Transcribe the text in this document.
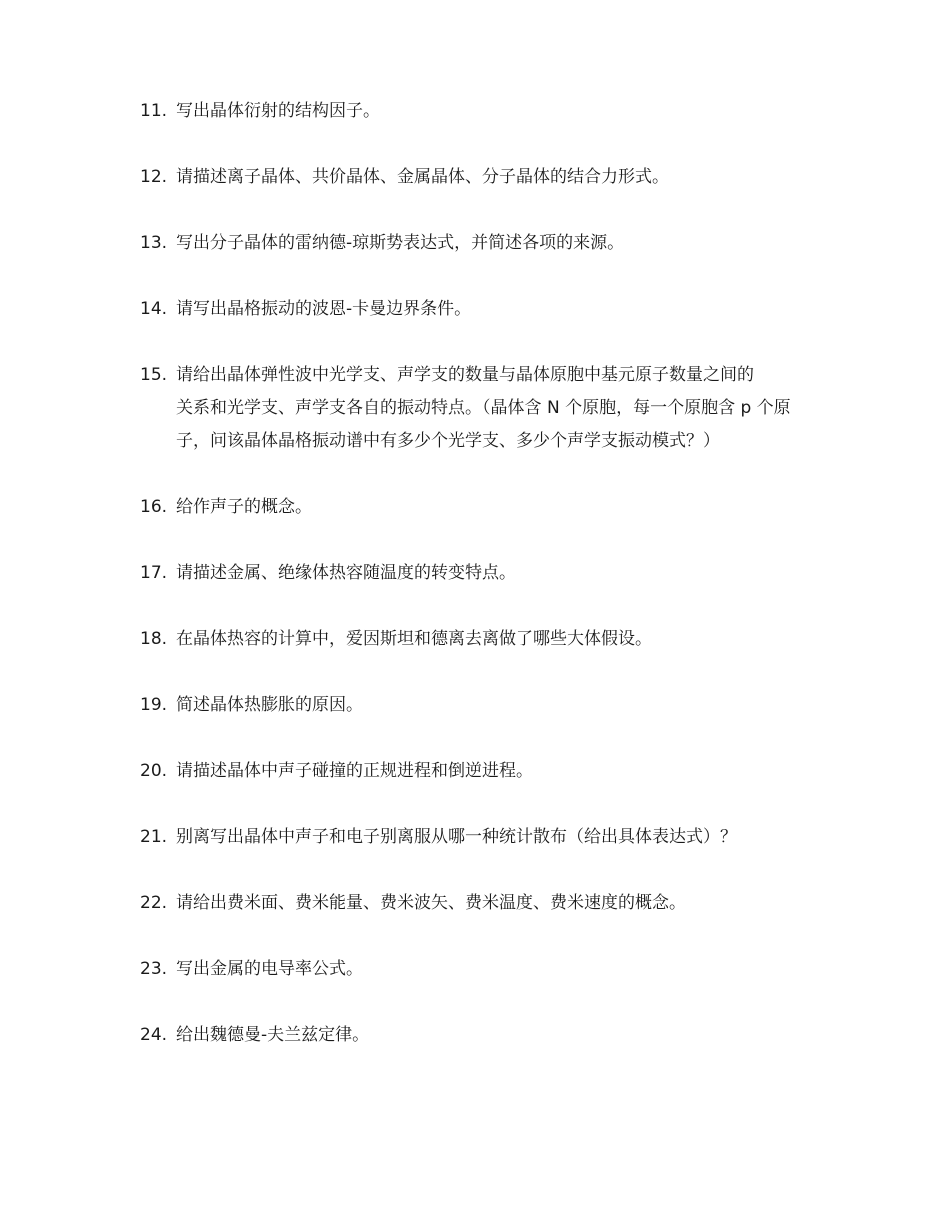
11. 写出晶体衍射的结构因子。
12. 请描述离子晶体、共价晶体、金属晶体、分子晶体的结合力形式。
13. 写出分子晶体的雷纳德-琼斯势表达式，并简述各项的来源。
14. 请写出晶格振动的波恩-卡曼边界条件。
15. 请给出晶体弹性波中光学支、声学支的数量与晶体原胞中基元原子数量之间的
关系和光学支、声学支各自的振动特点。（晶体含 N 个原胞，每一个原胞含 p 个原
子，问该晶体晶格振动谱中有多少个光学支、多少个声学支振动模式？）
16. 给作声子的概念。
17. 请描述金属、绝缘体热容随温度的转变特点。
18. 在晶体热容的计算中，爱因斯坦和德离去离做了哪些大体假设。
19. 简述晶体热膨胀的原因。
20. 请描述晶体中声子碰撞的正规进程和倒逆进程。
21. 别离写出晶体中声子和电子别离服从哪一种统计散布（给出具体表达式）？
22. 请给出费米面、费米能量、费米波矢、费米温度、费米速度的概念。
23. 写出金属的电导率公式。
24. 给出魏德曼-夫兰兹定律。
